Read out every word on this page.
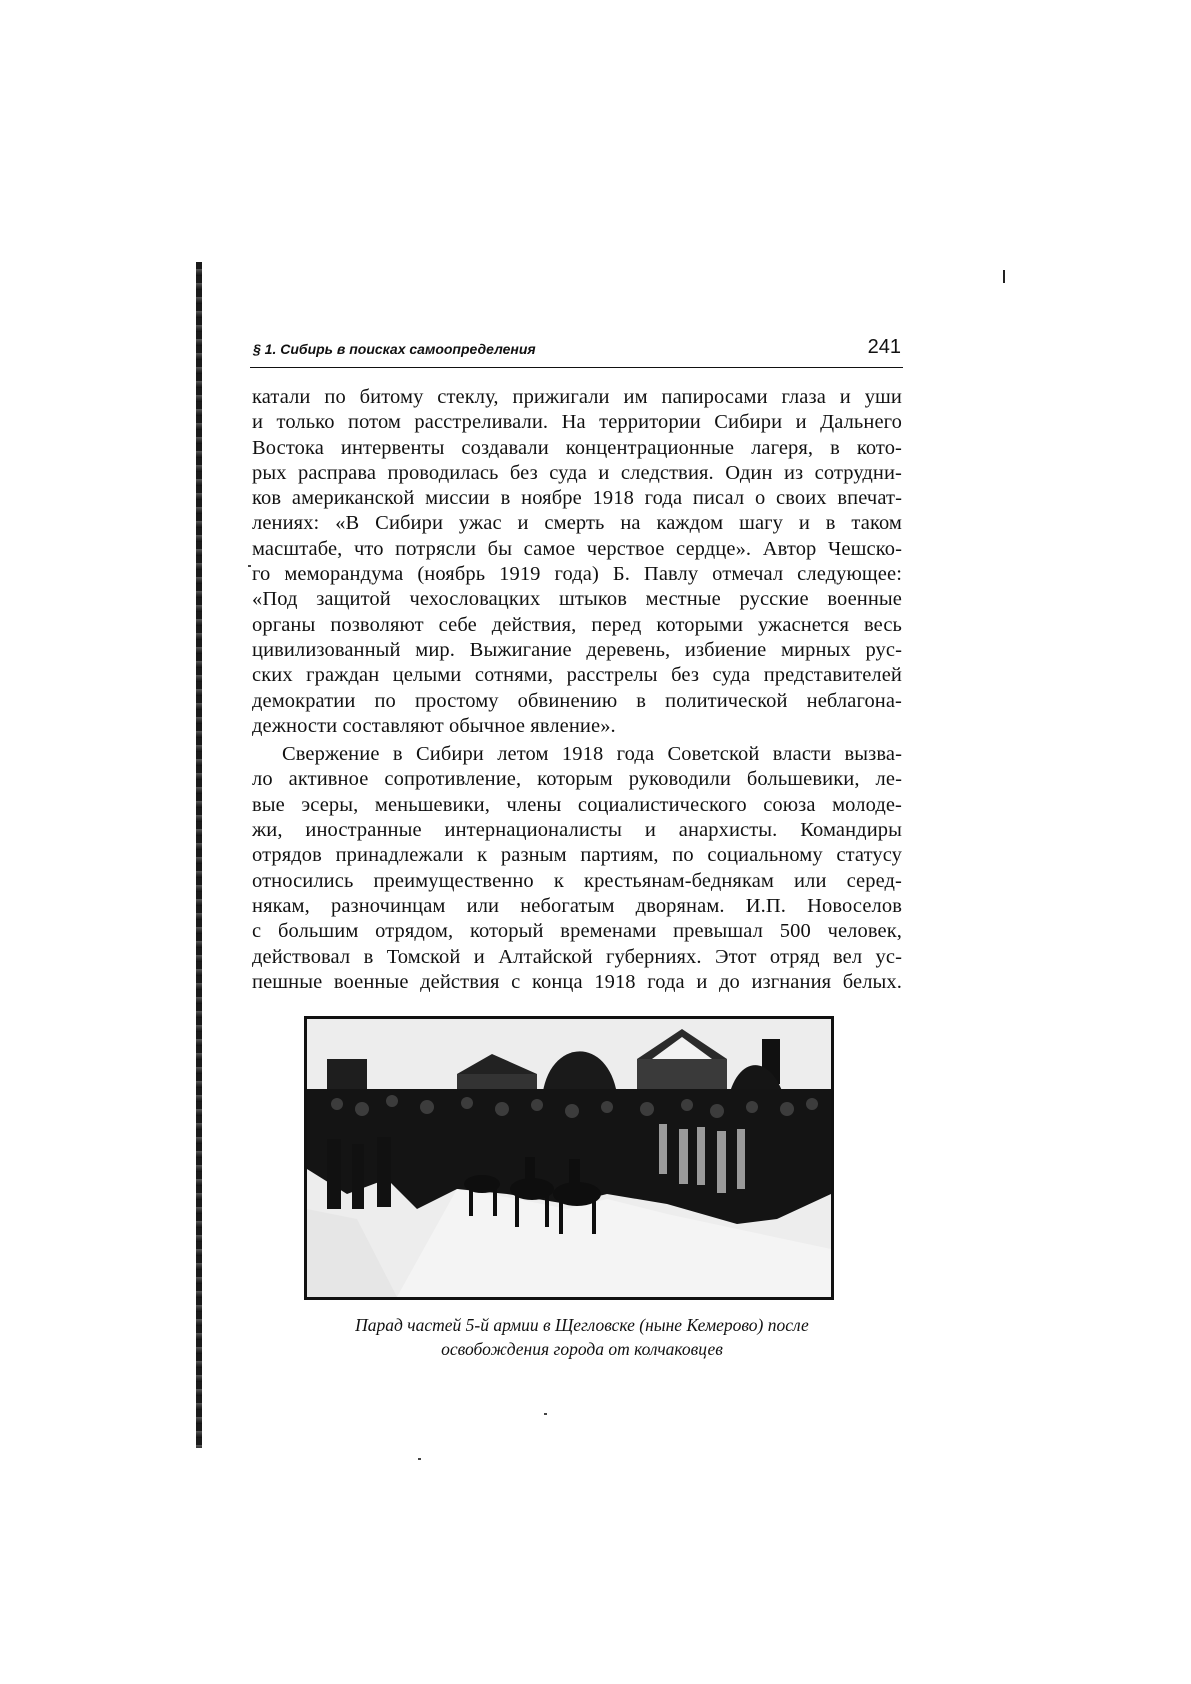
§ 1. Сибирь в поисках самоопределения	241

катали по битому стеклу, прижигали им папиросами глаза и уши
и только потом расстреливали. На территории Сибири и Дальнего
Востока интервенты создавали концентрационные лагеря, в кото-
рых расправа проводилась без суда и следствия. Один из сотрудни-
ков американской миссии в ноябре 1918 года писал о своих впечат-
лениях: «В Сибири ужас и смерть на каждом шагу и в таком
масштабе, что потрясли бы самое черствое сердце». Автор Чешско-
го меморандума (ноябрь 1919 года) Б. Павлу отмечал следующее:
«Под защитой чехословацких штыков местные русские военные
органы позволяют себе действия, перед которыми ужаснется весь
цивилизованный мир. Выжигание деревень, избиение мирных рус-
ских граждан целыми сотнями, расстрелы без суда представителей
демократии по простому обвинению в политической неблагона-

дежности составляют обычное явление».

Свержение в Сибири летом 1918 года Советской власти вызва-
ло активное сопротивление, которым руководили большевики, ле-
вые эсеры, меньшевики, члены социалистического союза молоде-
жи, иностранные интернационалисты и анархисты. Командиры
отрядов принадлежали к разным партиям, по социальному статусу
относились преимущественно к крестьянам-беднякам или серед-
някам, разночинцам или небогатым дворянам. И.П. Новоселов
с большим отрядом, который временами превышал 500 человек,
действовал в Томской и Алтайской губерниях. Этот отряд вел ус-
пешные военные действия с конца 1918 года и до изгнания белых.

Парад частей 5-й армии в Щегловске (ныне Кемерово) после
освобождения города от колчаковцев
